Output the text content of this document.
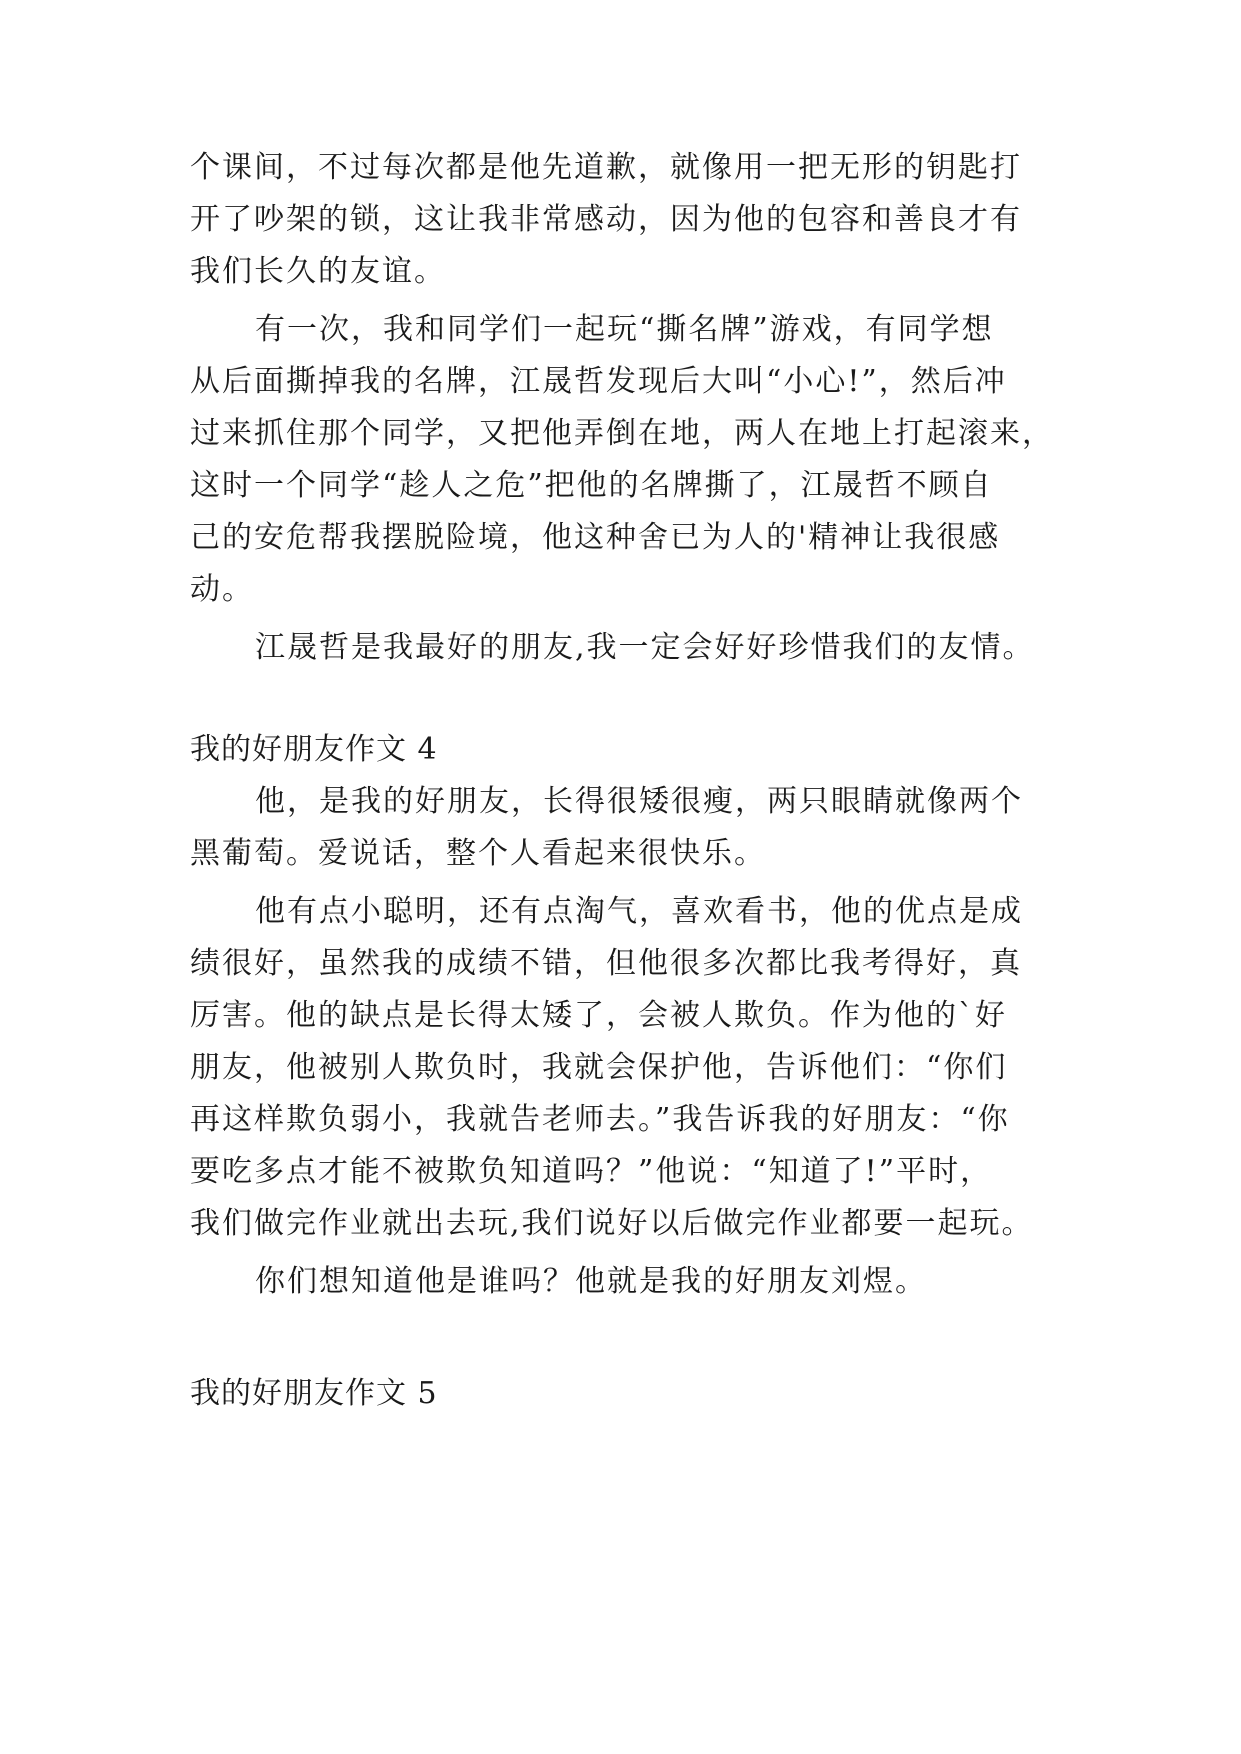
个课间，不过每次都是他先道歉，就像用一把无形的钥匙打
开了吵架的锁，这让我非常感动，因为他的包容和善良才有
我们长久的友谊。
有一次，我和同学们一起玩“撕名牌”游戏，有同学想
从后面撕掉我的名牌，江晟哲发现后大叫“小心!”，然后冲
过来抓住那个同学，又把他弄倒在地，两人在地上打起滚来，
这时一个同学“趁人之危”把他的名牌撕了，江晟哲不顾自
己的安危帮我摆脱险境，他这种舍已为人的'精神让我很感
动。
江晟哲是我最好的朋友,我一定会好好珍惜我们的友情。
我的好朋友作文 4
他，是我的好朋友，长得很矮很瘦，两只眼睛就像两个
黑葡萄。爱说话，整个人看起来很快乐。
他有点小聪明，还有点淘气，喜欢看书，他的优点是成
绩很好，虽然我的成绩不错，但他很多次都比我考得好，真
厉害。他的缺点是长得太矮了，会被人欺负。作为他的`好
朋友，他被别人欺负时，我就会保护他，告诉他们：“你们
再这样欺负弱小，我就告老师去。”我告诉我的好朋友：“你
要吃多点才能不被欺负知道吗？”他说：“知道了!”平时，
我们做完作业就出去玩,我们说好以后做完作业都要一起玩。
你们想知道他是谁吗？他就是我的好朋友刘煜。
我的好朋友作文 5
